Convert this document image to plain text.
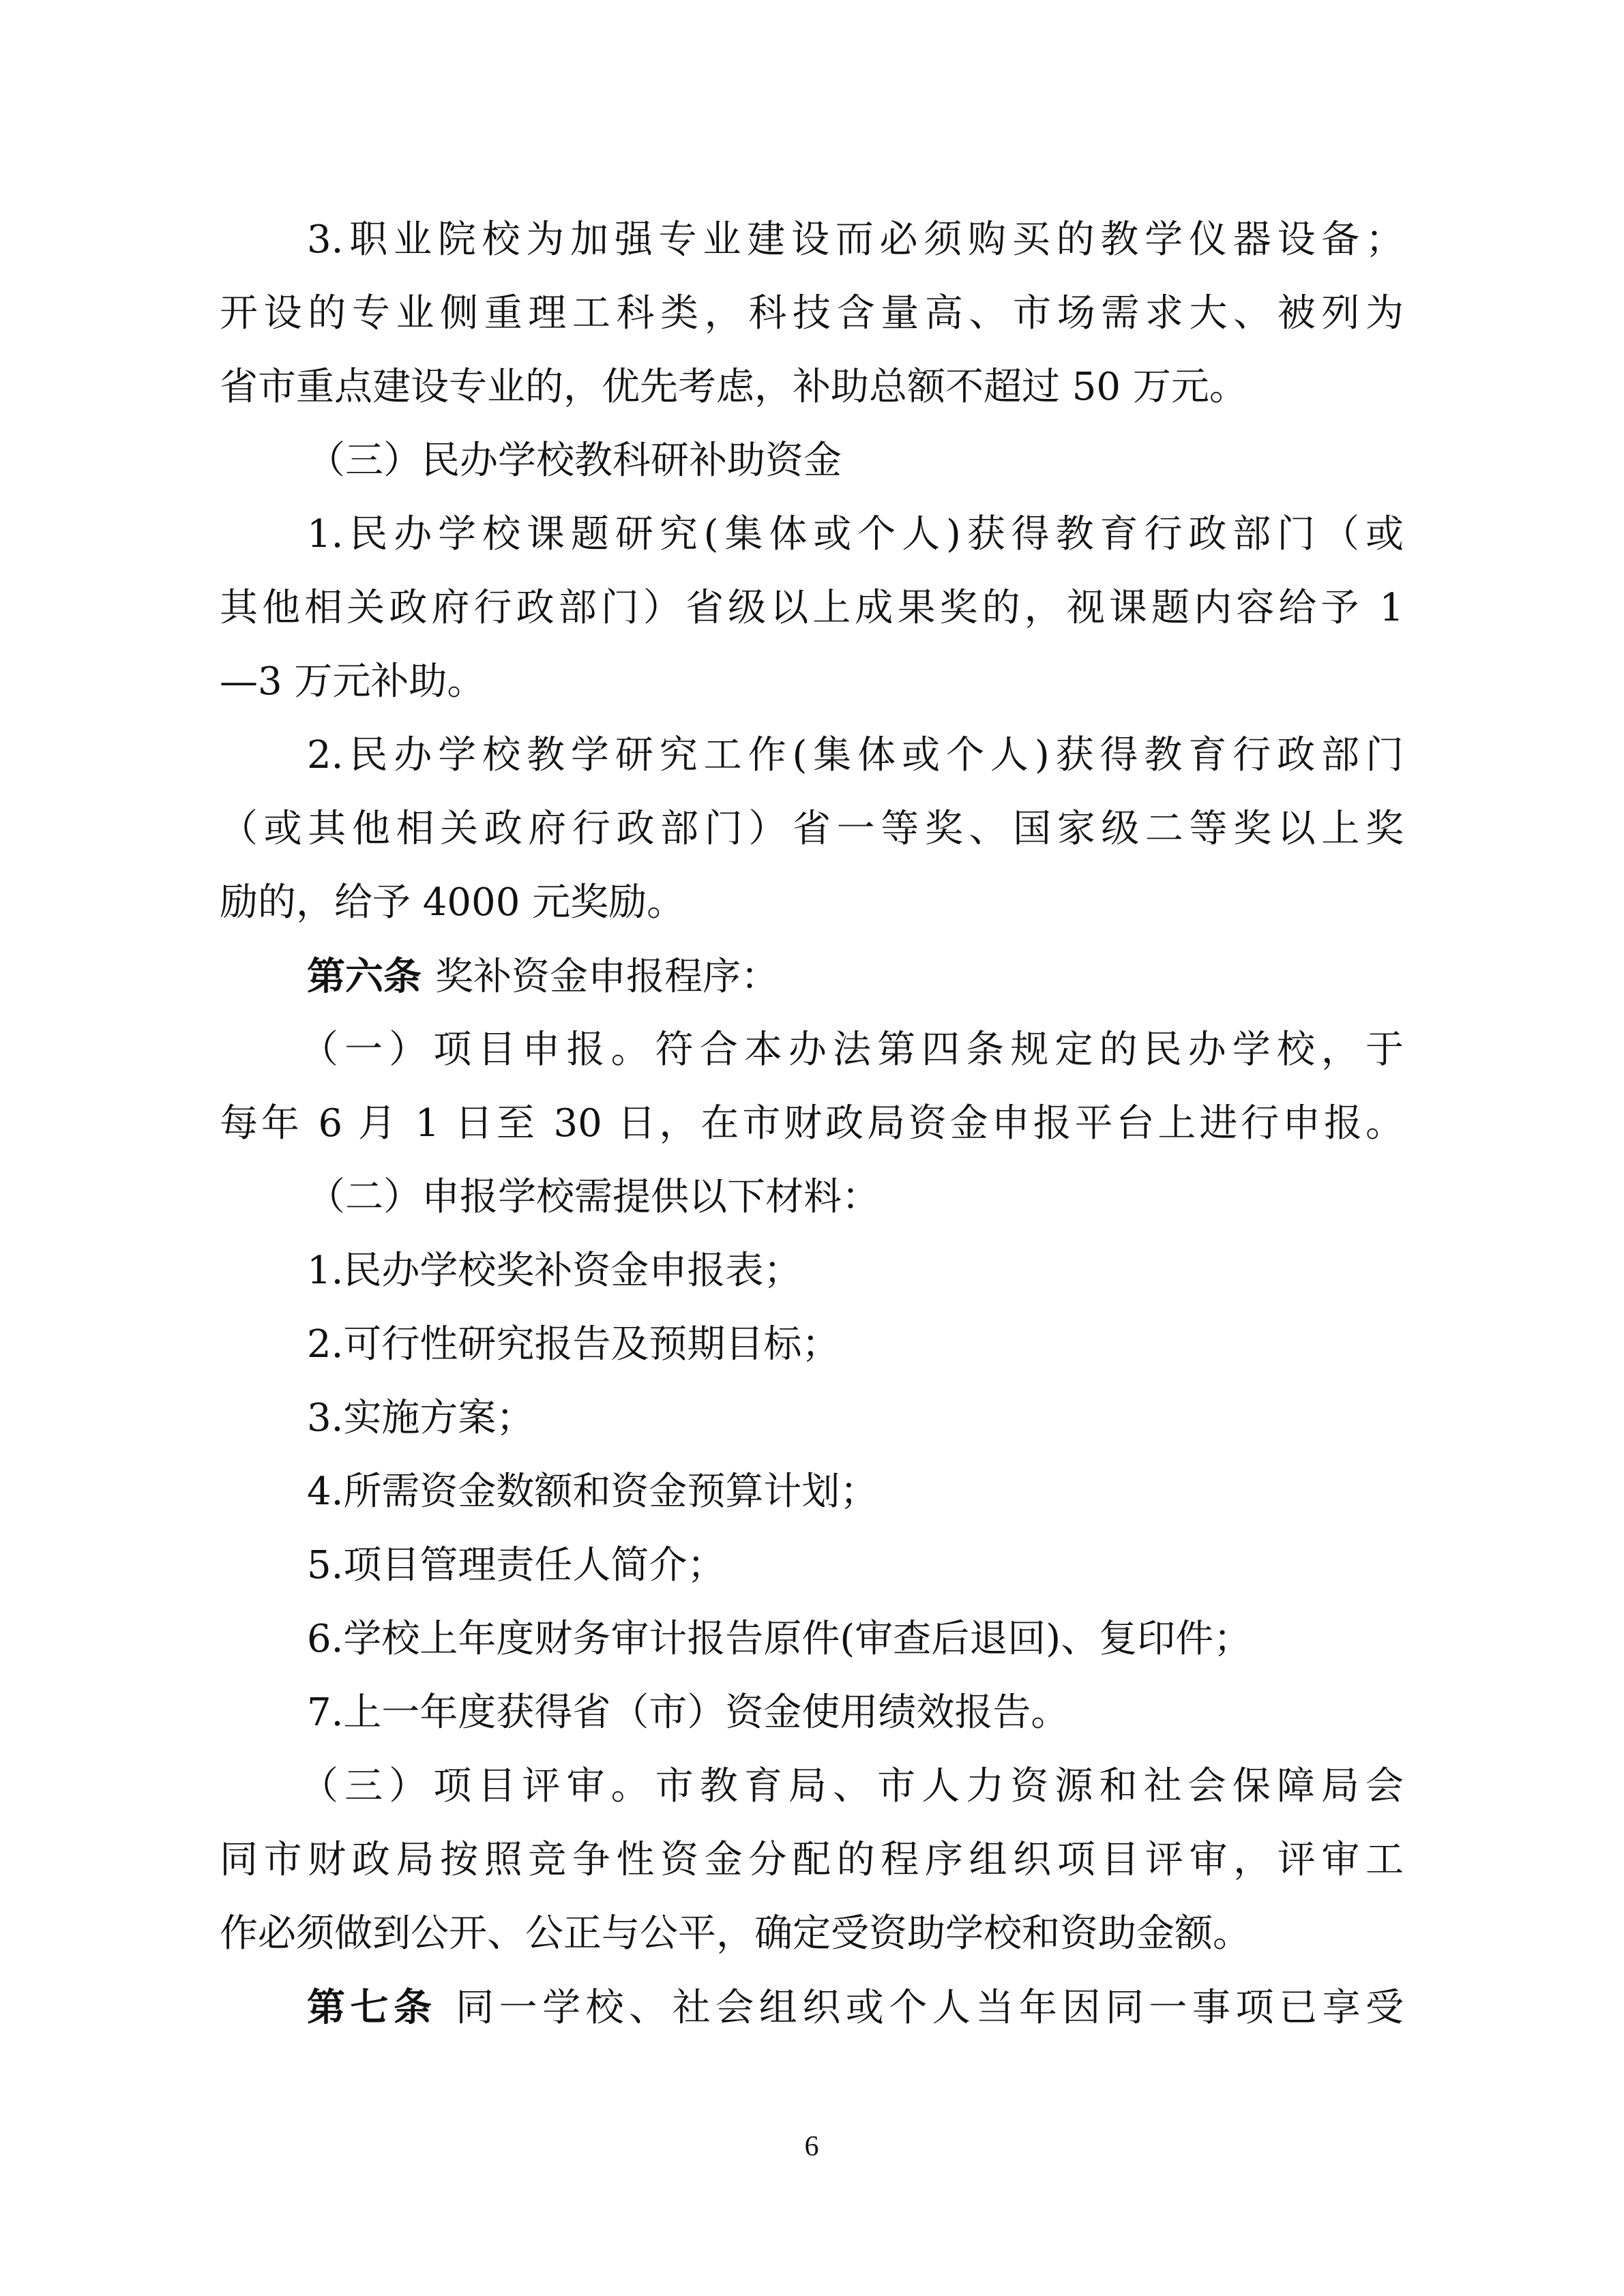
3.职业院校为加强专业建设而必须购买的教学仪器设备；
开设的专业侧重理工科类，科技含量高、市场需求大、被列为
省市重点建设专业的，优先考虑，补助总额不超过 50 万元。
（三）民办学校教科研补助资金
1.民办学校课题研究(集体或个人)获得教育行政部门（或
其他相关政府行政部门）省级以上成果奖的，视课题内容给予 1
—3 万元补助。
2.民办学校教学研究工作(集体或个人)获得教育行政部门
（或其他相关政府行政部门）省一等奖、国家级二等奖以上奖
励的，给予 4000 元奖励。
第六条 奖补资金申报程序：
（一）项目申报。符合本办法第四条规定的民办学校，于
每年 6 月 1 日至 30 日，在市财政局资金申报平台上进行申报。
（二）申报学校需提供以下材料：
1.民办学校奖补资金申报表；
2.可行性研究报告及预期目标；
3.实施方案；
4.所需资金数额和资金预算计划；
5.项目管理责任人简介；
6.学校上年度财务审计报告原件(审查后退回)、复印件；
7.上一年度获得省（市）资金使用绩效报告。
（三）项目评审。市教育局、市人力资源和社会保障局会
同市财政局按照竞争性资金分配的程序组织项目评审，评审工
作必须做到公开、公正与公平，确定受资助学校和资助金额。
第七条 同一学校、社会组织或个人当年因同一事项已享受
6
